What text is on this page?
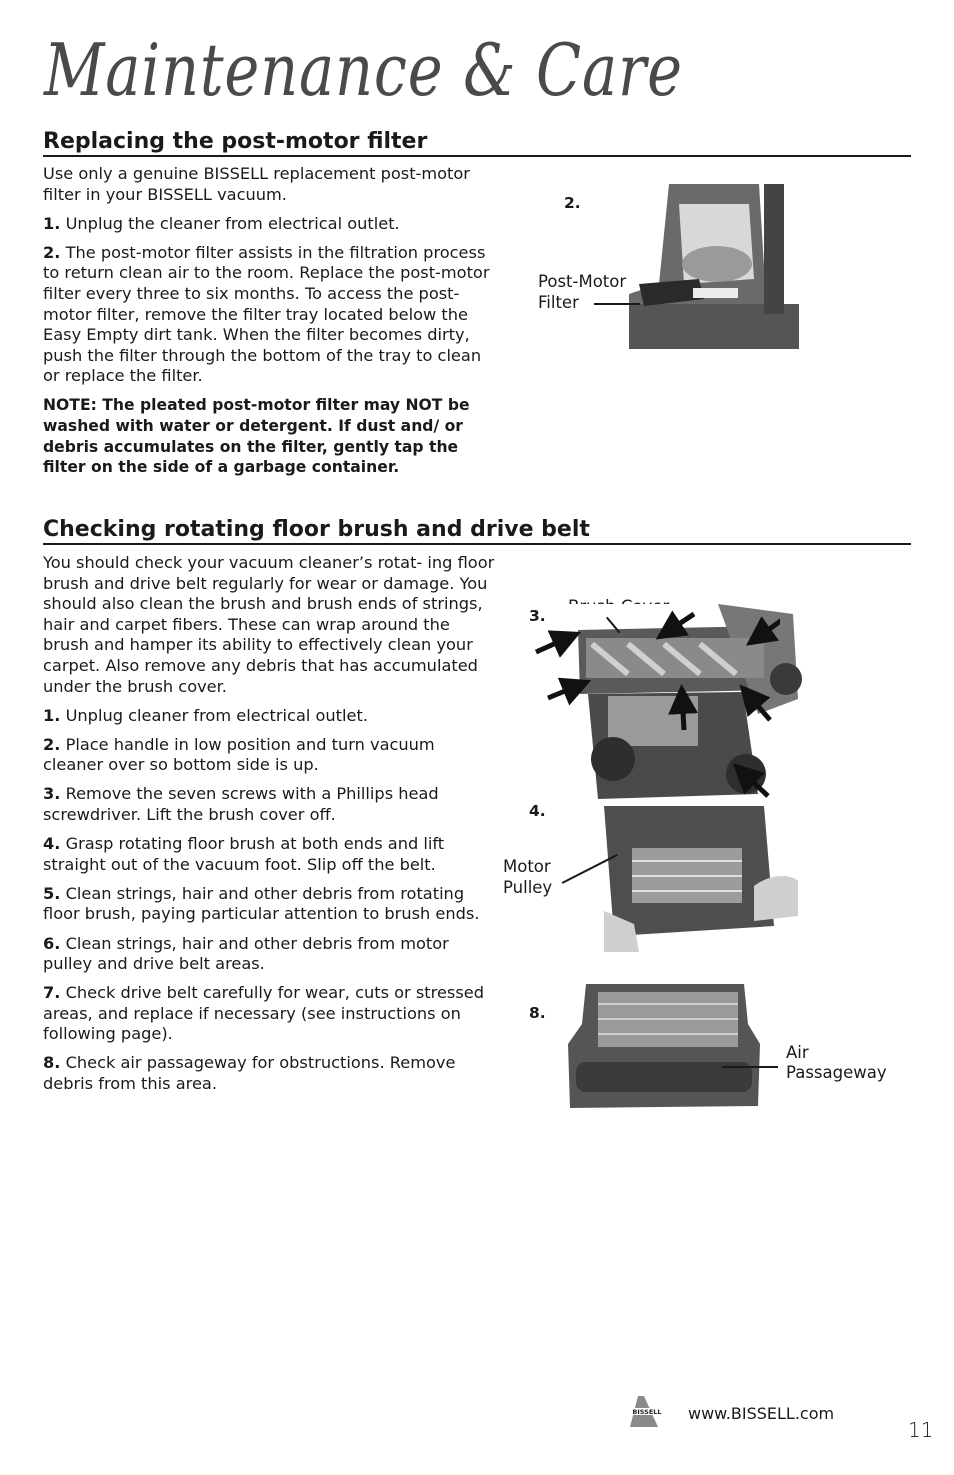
Maintenance & Care
Replacing the post-motor filter

Use only a genuine BISSELL replacement post-motor filter in your BISSELL vacuum.

1. Unplug the cleaner from electrical outlet.

2. The post-motor filter assists in the filtration process to return clean air to the room. Replace the post-motor filter every three to six months. To access the post-motor filter, remove the filter tray located below the Easy Empty dirt tank. When the filter becomes dirty, push the filter through the bottom of the tray to clean or replace the filter.

NOTE: The pleated post-motor filter may NOT be washed with water or detergent. If dust and/ or debris accumulates on the filter, gently tap the filter on the side of a garbage container.

2.
Post-Motor
Filter
Checking rotating floor brush and drive belt

You should check your vacuum cleaner’s rotat- ing floor brush and drive belt regularly for wear or damage. You should also clean the brush and brush ends of strings, hair and carpet fibers. These can wrap around the brush and hamper its ability to effectively clean your carpet. Also remove any debris that has accumulated under the brush cover.

1. Unplug cleaner from electrical outlet.

2. Place handle in low position and turn vacuum cleaner over so bottom side is up.

3. Remove the seven screws with a Phillips head screwdriver. Lift the brush cover off.

4. Grasp rotating floor brush at both ends and lift straight out of the vacuum foot. Slip off the belt.

5. Clean strings, hair and other debris from rotating floor brush, paying particular attention to brush ends.

6. Clean strings, hair and other debris from motor pulley and drive belt areas.

7. Check drive belt carefully for wear, cuts or stressed areas, and replace if necessary (see instructions on following page).

8. Check air passageway for obstructions. Remove debris from this area.

3.
4.
Motor
Pulley
8.
Air
Passageway
BISSELL www.BISSELL.com
11
